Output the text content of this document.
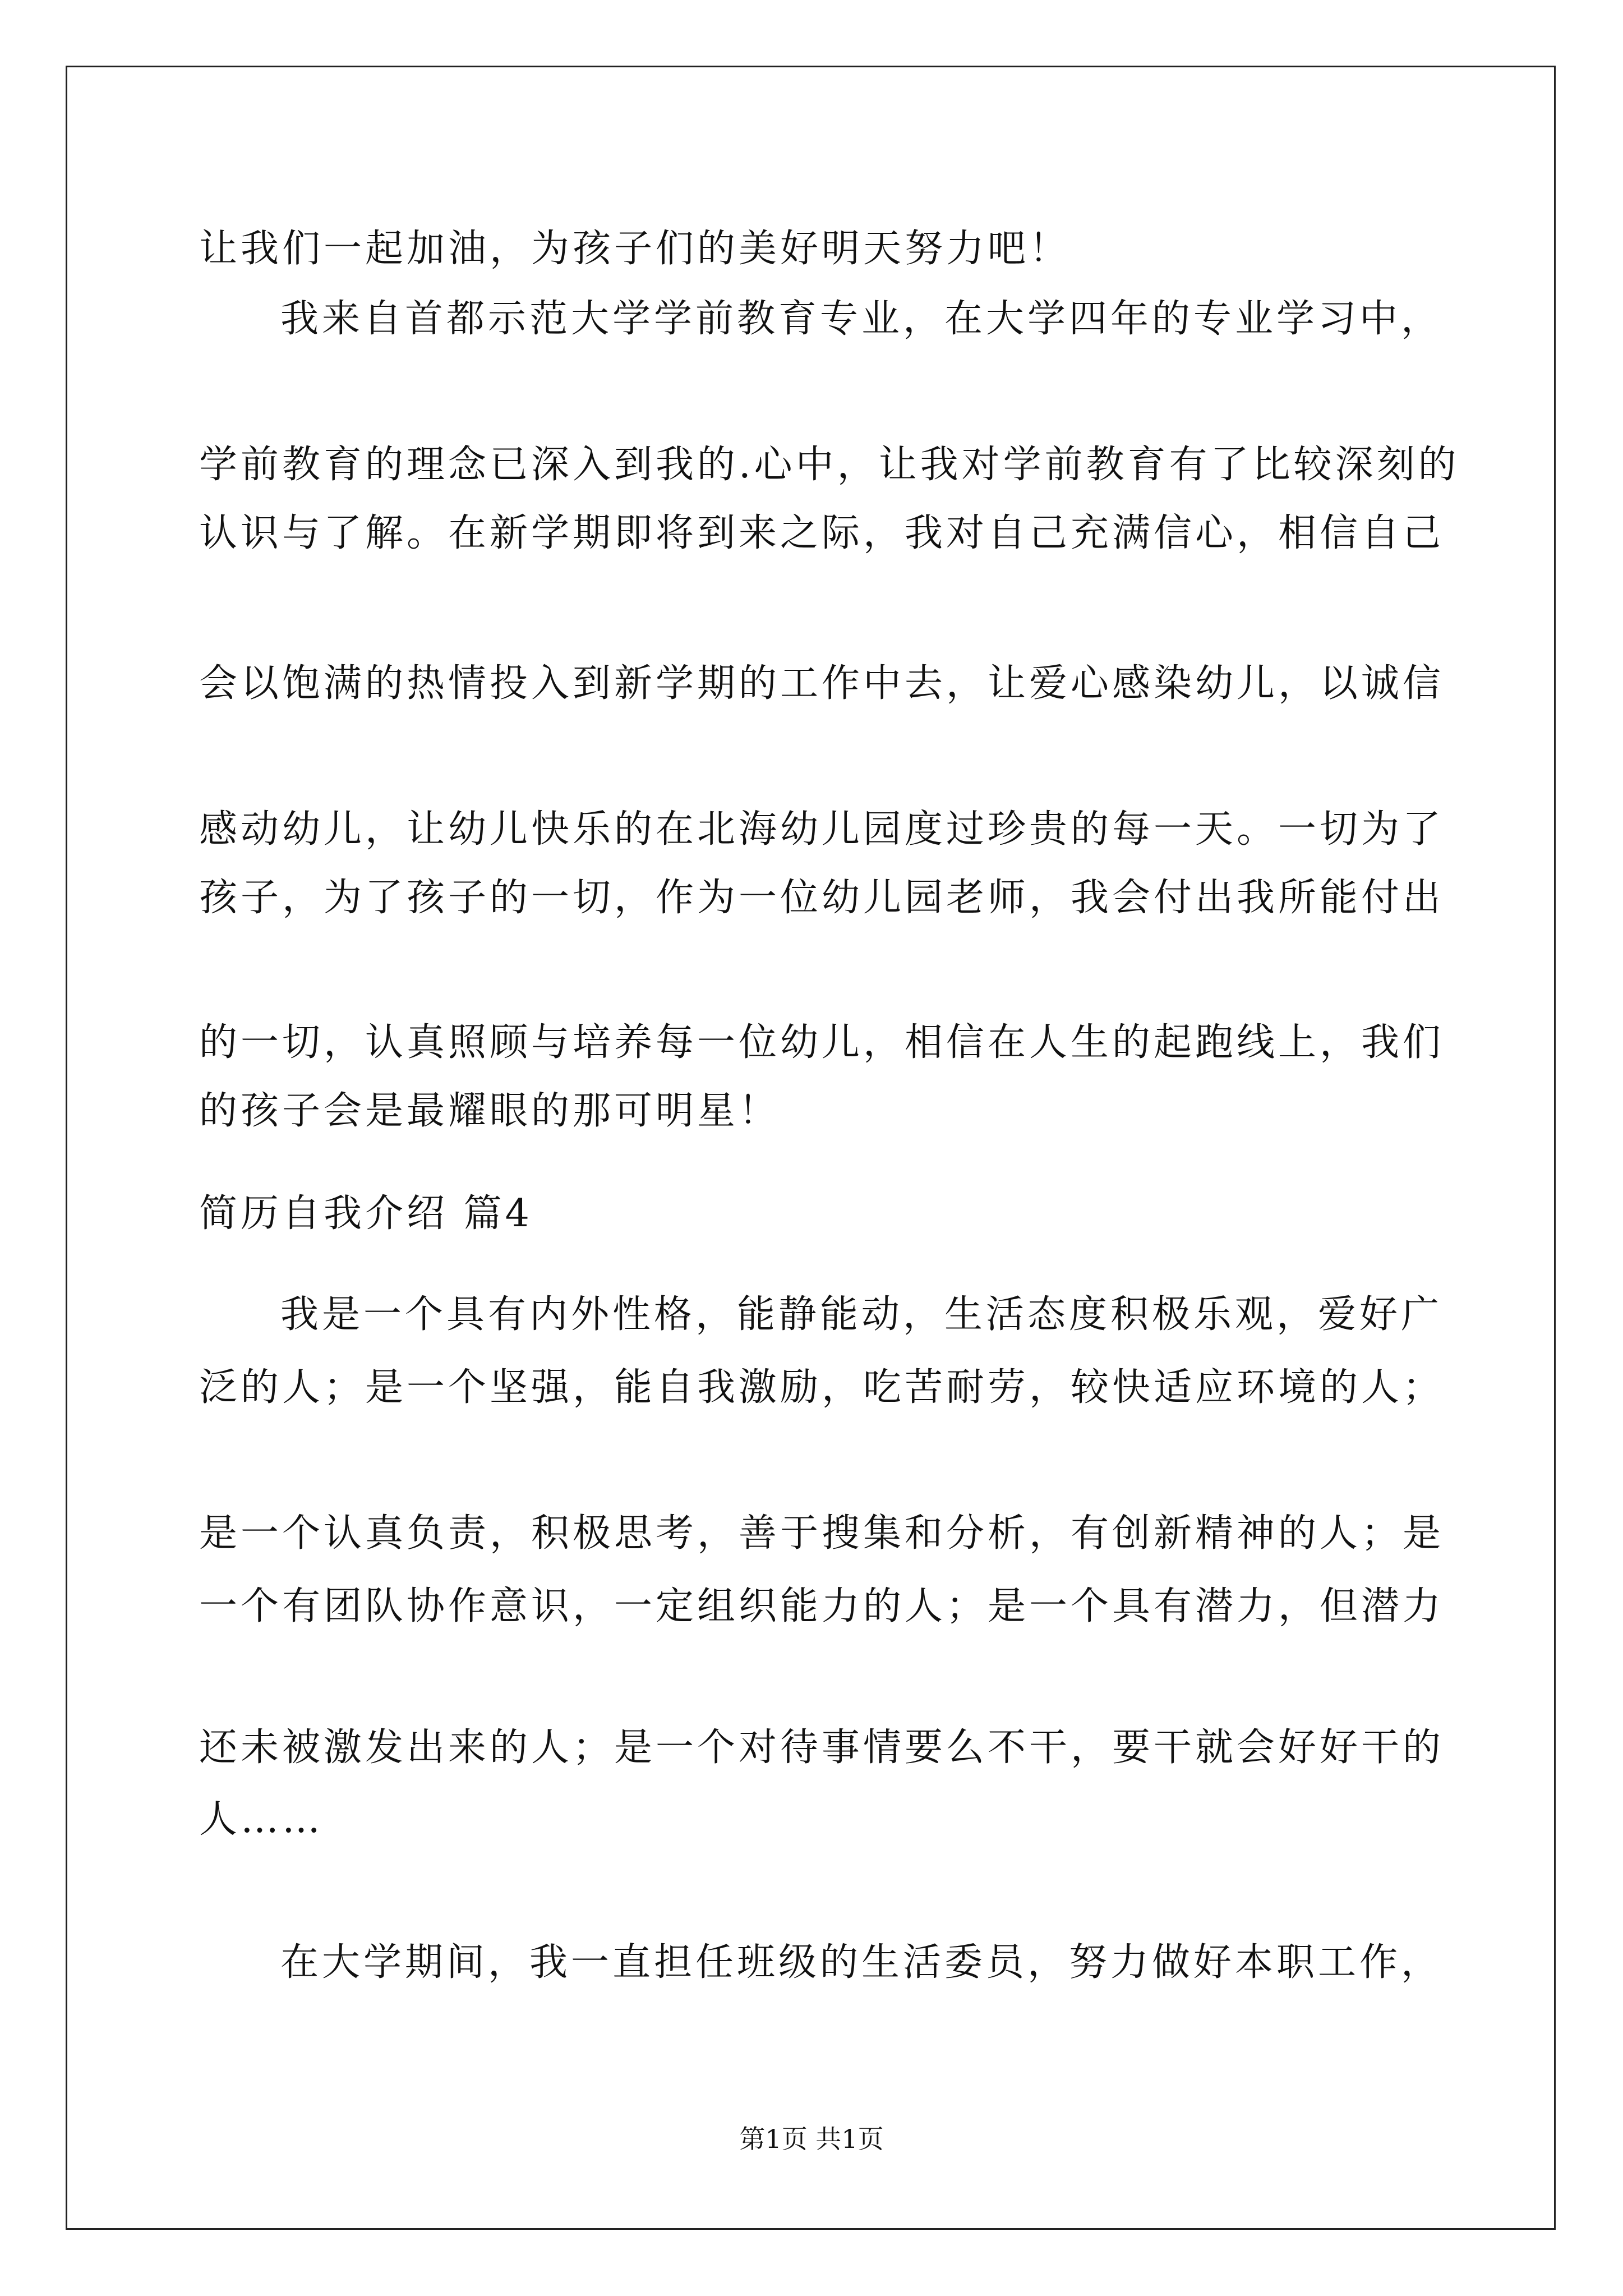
让我们一起加油，为孩子们的美好明天努力吧！
我来自首都示范大学学前教育专业，在大学四年的专业学习中，
学前教育的理念已深入到我的.心中，让我对学前教育有了比较深刻的
认识与了解。在新学期即将到来之际，我对自己充满信心，相信自己
会以饱满的热情投入到新学期的工作中去，让爱心感染幼儿，以诚信
感动幼儿，让幼儿快乐的在北海幼儿园度过珍贵的每一天。一切为了
孩子，为了孩子的一切，作为一位幼儿园老师，我会付出我所能付出
的一切，认真照顾与培养每一位幼儿，相信在人生的起跑线上，我们
的孩子会是最耀眼的那可明星！
简历自我介绍 篇4
我是一个具有内外性格，能静能动，生活态度积极乐观，爱好广
泛的人；是一个坚强，能自我激励，吃苦耐劳，较快适应环境的人；
是一个认真负责，积极思考，善于搜集和分析，有创新精神的人；是
一个有团队协作意识，一定组织能力的人；是一个具有潜力，但潜力
还未被激发出来的人；是一个对待事情要么不干，要干就会好好干的
人……
在大学期间，我一直担任班级的生活委员，努力做好本职工作，
第1页 共1页
